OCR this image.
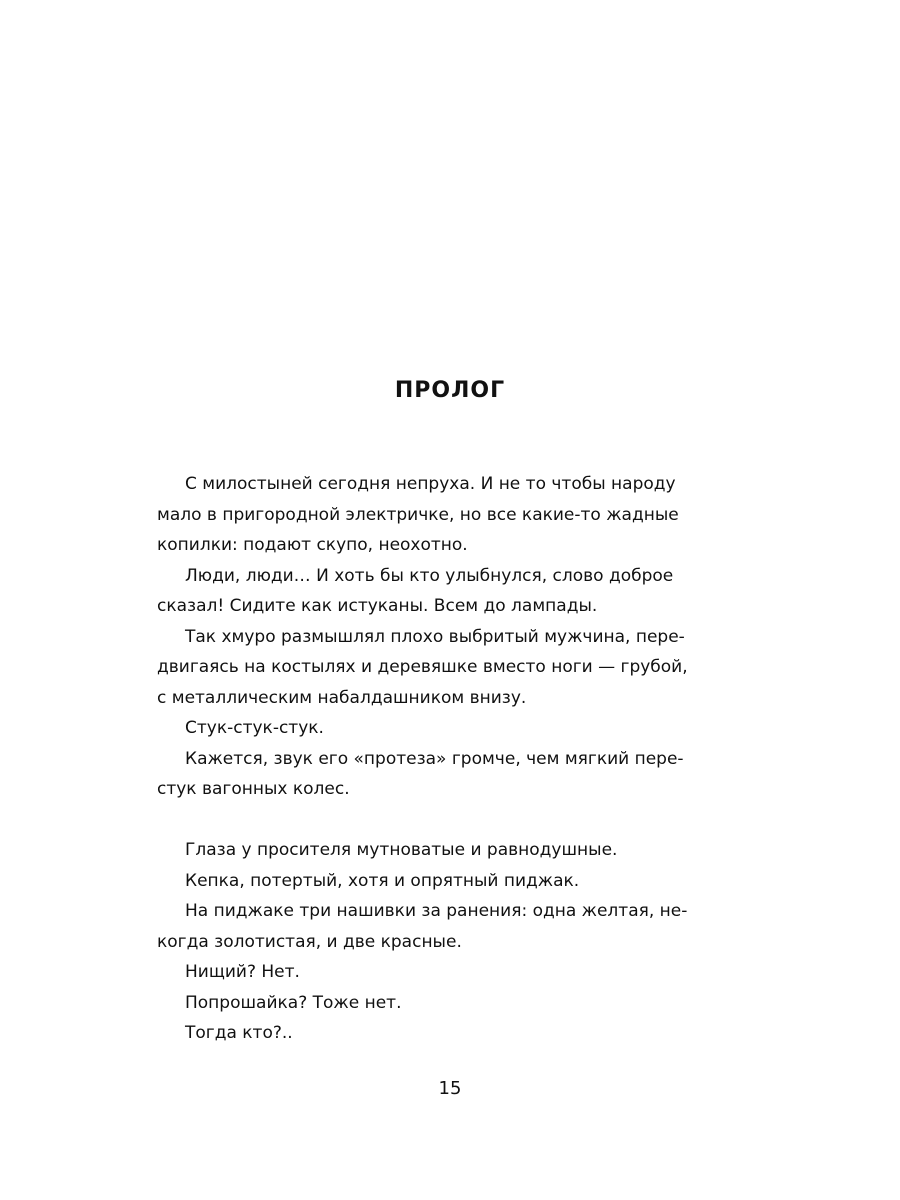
ПРОЛОГ
С милостыней сегодня непруха. И не то чтобы народу
мало в пригородной электричке, но все какие-то жадные
копилки: подают скупо, неохотно.
Люди, люди… И хоть бы кто улыбнулся, слово доброе
сказал! Сидите как истуканы. Всем до лампады.
Так хмуро размышлял плохо выбритый мужчина, пере-
двигаясь на костылях и деревяшке вместо ноги — грубой,
с металлическим набалдашником внизу.
Стук-стук-стук.
Кажется, звук его «протеза» громче, чем мягкий пере-
стук вагонных колес.
Глаза у просителя мутноватые и равнодушные.
Кепка, потертый, хотя и опрятный пиджак.
На пиджаке три нашивки за ранения: одна желтая, не-
когда золотистая, и две красные.
Нищий? Нет.
Попрошайка? Тоже нет.
Тогда кто?..
15
